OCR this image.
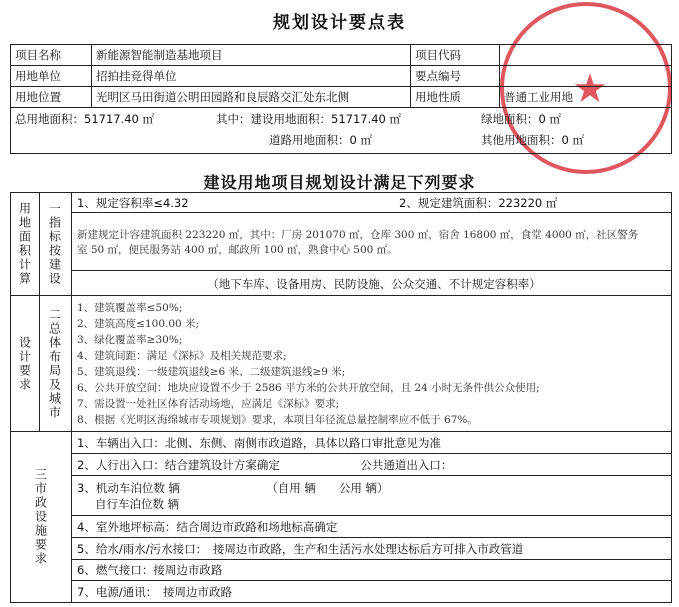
★
规划设计要点表
项目名称	新能源智能制造基地项目	项目代码	
用地单位	招拍挂竞得单位	要点编号	
用地位置	光明区马田街道公明田园路和良辰路交汇处东北侧	用地性质	普通工业用地

总用地面积：51717.40 ㎡ 其中：建设用地面积：51717.40 ㎡ 绿地面积：0 ㎡
道路用地面积：0 ㎡ 其他用地面积：0 ㎡			
建设用地项目规划设计满足下列要求
用地面积计算	一指标按建设	1、规定容积率≤4.32	2、规定建筑面积：223220 ㎡
新建规定计容建筑面积 223220 ㎡，其中：厂房 201070 ㎡，仓库 300 ㎡，宿舍 16800 ㎡，食堂 4000 ㎡，社区警务
室 50 ㎡，便民服务站 400 ㎡，邮政所 100 ㎡，熟食中心 500 ㎡。
（地下车库、设备用房、民防设施、公众交通、不计规定容积率）
设计要求	二总体布局及城市	1、建筑覆盖率≤50%;
2、建筑高度≤100.00 米;
3、绿化覆盖率≥30%;
4、建筑间距：满足《深标》及相关规范要求;
5、建筑退线：一级建筑退线≥6 米、二级建筑退线≥9 米;
6、公共开放空间：地块应设置不少于 2586 平方米的公共开放空间，且 24 小时无条件供公众使用;
7、需设置一处社区体育活动场地，应满足《深标》要求;
8、根据《光明区海绵城市专项规划》要求，本项目年径流总量控制率应不低于 67%。
三市政设施要求
1、车辆出入口：北侧、东侧、南侧市政道路，具体以路口审批意见为准
2、人行出入口：结合建筑设计方案确定　　　　　　　公共通道出入口：
3、机动车泊位数 辆　　　　　　　　（自用 辆　　公用 辆）
自行车泊位数 辆
4、室外地坪标高：结合周边市政路和场地标高确定
5、给水/雨水/污水接口：　接周边市政路，生产和生活污水处理达标后方可排入市政管道
6、燃气接口：接周边市政路
7、电源/通讯：　接周边市政路
